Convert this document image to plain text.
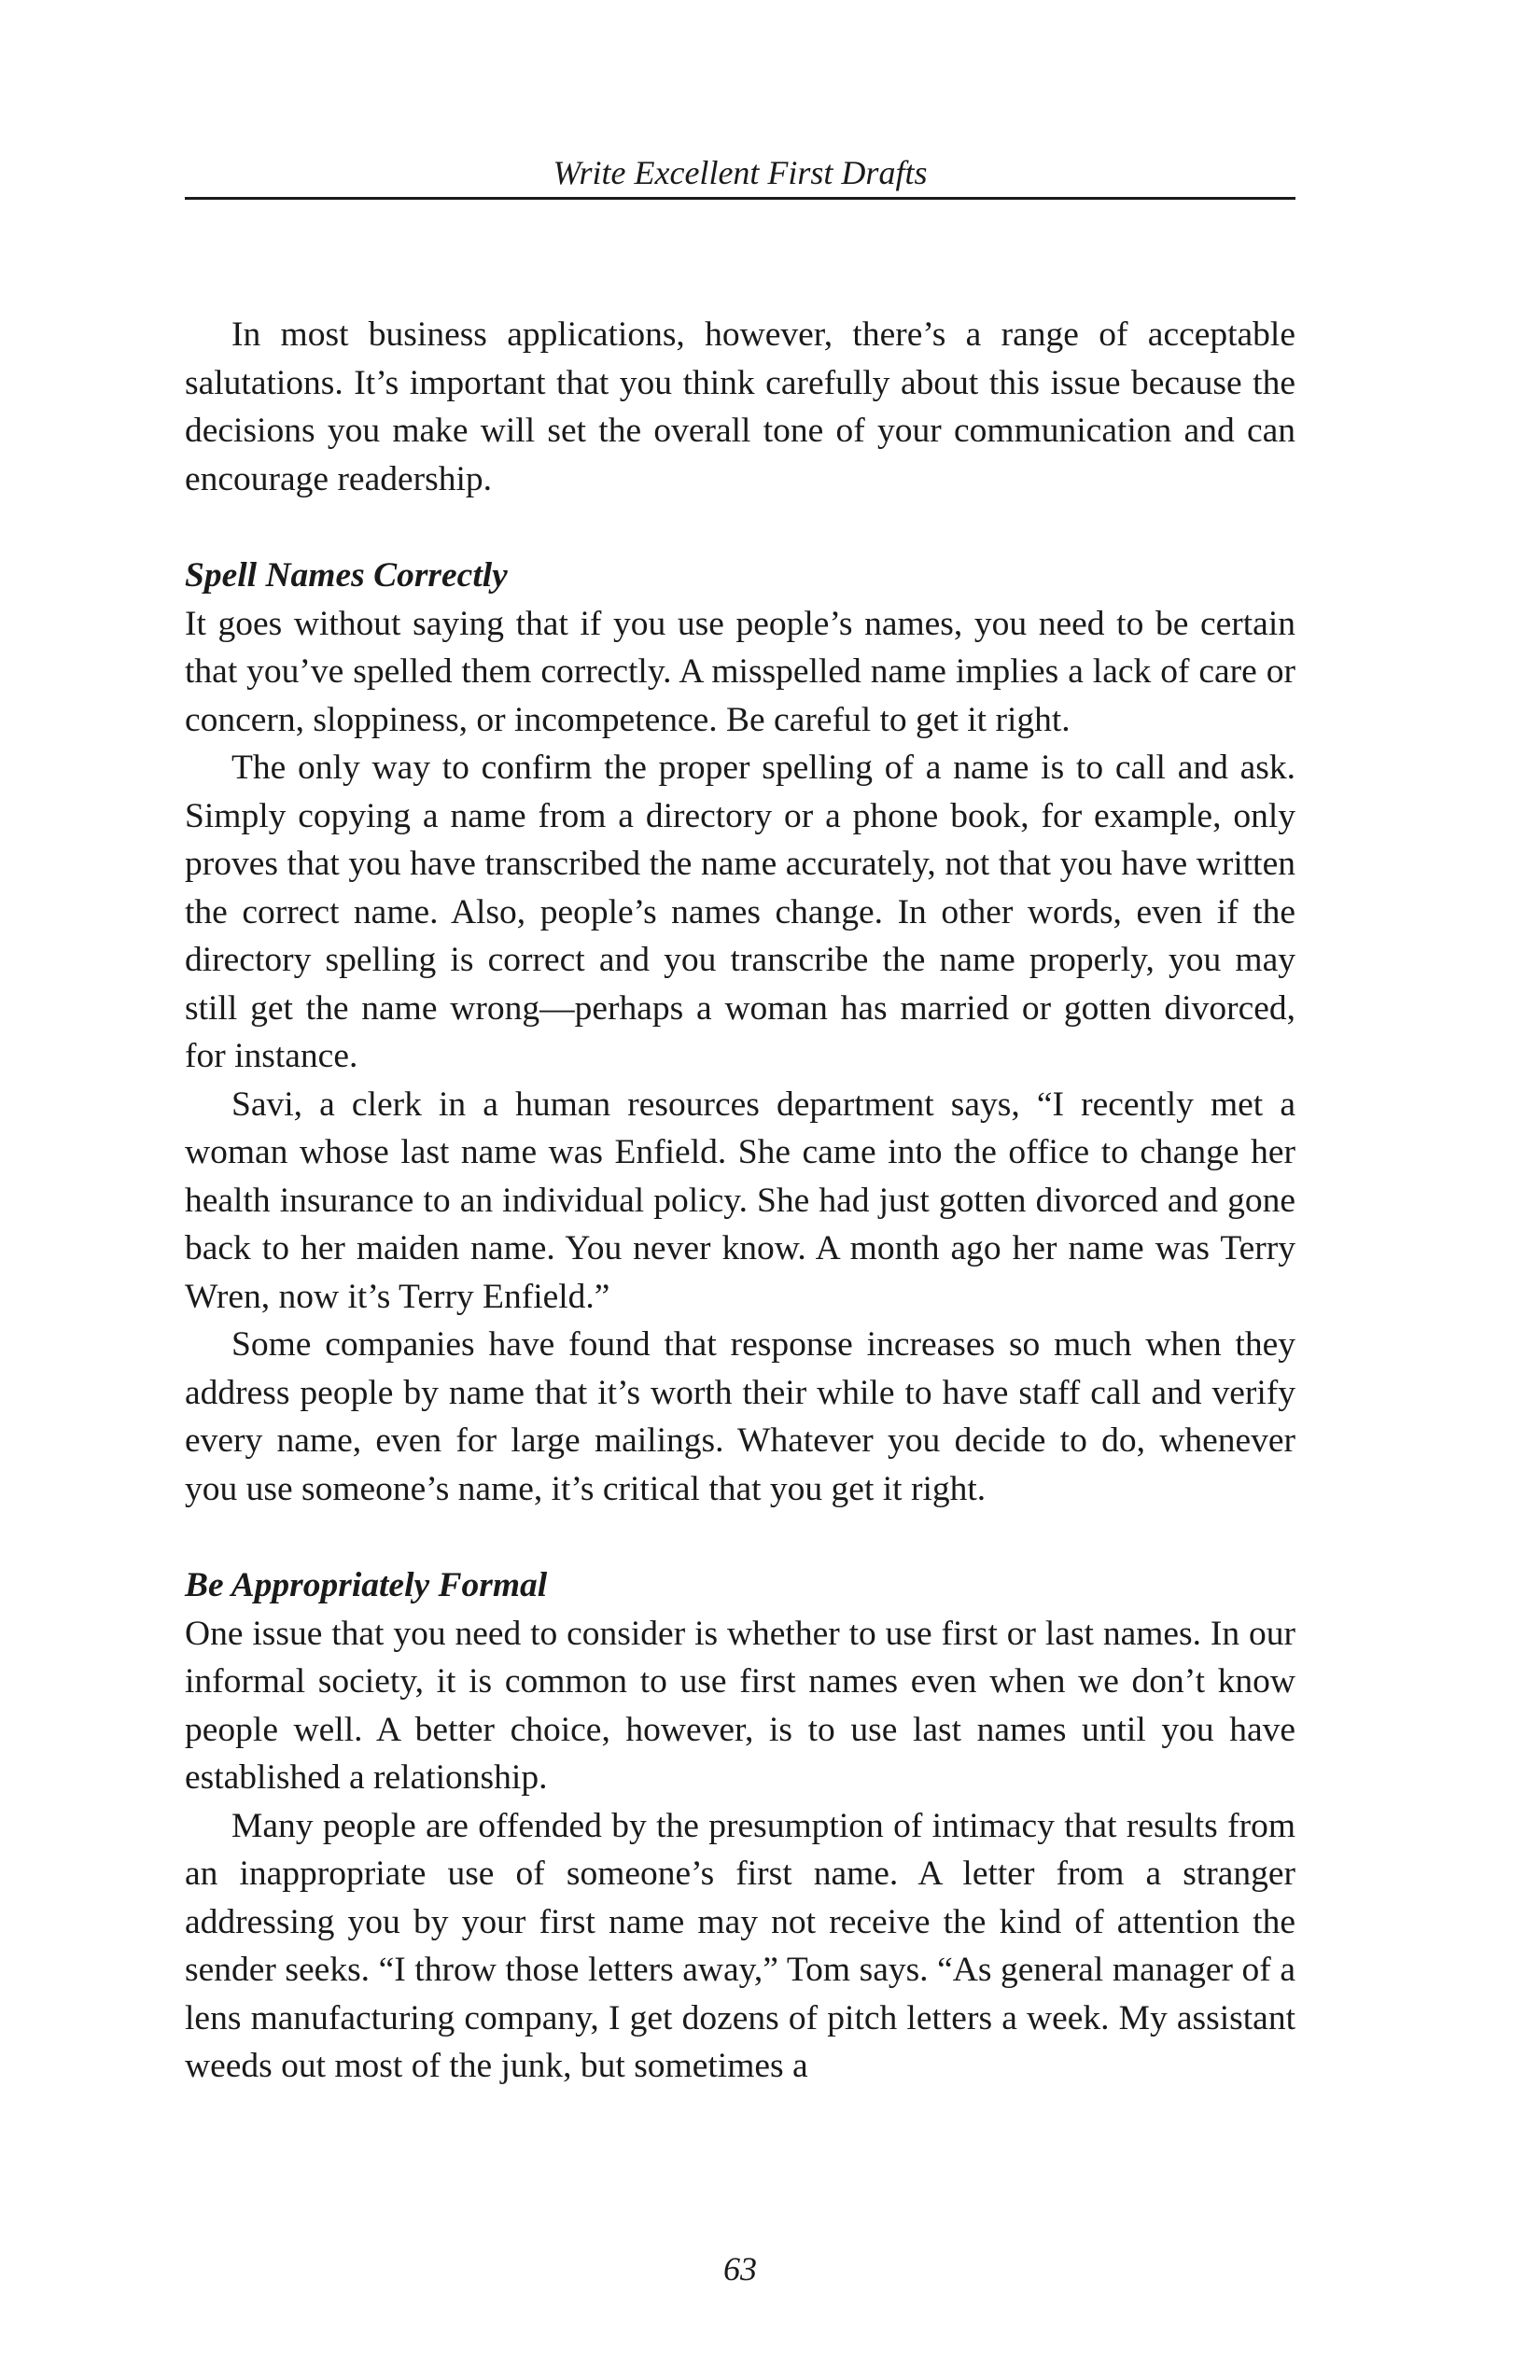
Write Excellent First Drafts

In most business applications, however, there’s a range of acceptable salutations. It’s important that you think carefully about this issue because the decisions you make will set the overall tone of your communication and can encourage readership.

Spell Names Correctly

It goes without saying that if you use people’s names, you need to be certain that you’ve spelled them correctly. A misspelled name implies a lack of care or concern, sloppiness, or incompetence. Be careful to get it right.

The only way to confirm the proper spelling of a name is to call and ask. Simply copying a name from a directory or a phone book, for example, only proves that you have transcribed the name accurately, not that you have written the correct name. Also, people’s names change. In other words, even if the directory spelling is correct and you transcribe the name properly, you may still get the name wrong—perhaps a woman has married or gotten divorced, for instance.

Savi, a clerk in a human resources department says, “I recently met a woman whose last name was Enfield. She came into the office to change her health insurance to an individual policy. She had just gotten divorced and gone back to her maiden name. You never know. A month ago her name was Terry Wren, now it’s Terry Enfield.”

Some companies have found that response increases so much when they address people by name that it’s worth their while to have staff call and verify every name, even for large mailings. Whatever you decide to do, whenever you use someone’s name, it’s critical that you get it right.

Be Appropriately Formal

One issue that you need to consider is whether to use first or last names. In our informal society, it is common to use first names even when we don’t know people well. A better choice, however, is to use last names until you have established a relationship.

Many people are offended by the presumption of intimacy that results from an inappropriate use of someone’s first name. A letter from a stranger addressing you by your first name may not receive the kind of attention the sender seeks. “I throw those letters away,” Tom says. “As general manager of a lens manufacturing company, I get dozens of pitch letters a week. My assistant weeds out most of the junk, but sometimes a

63
